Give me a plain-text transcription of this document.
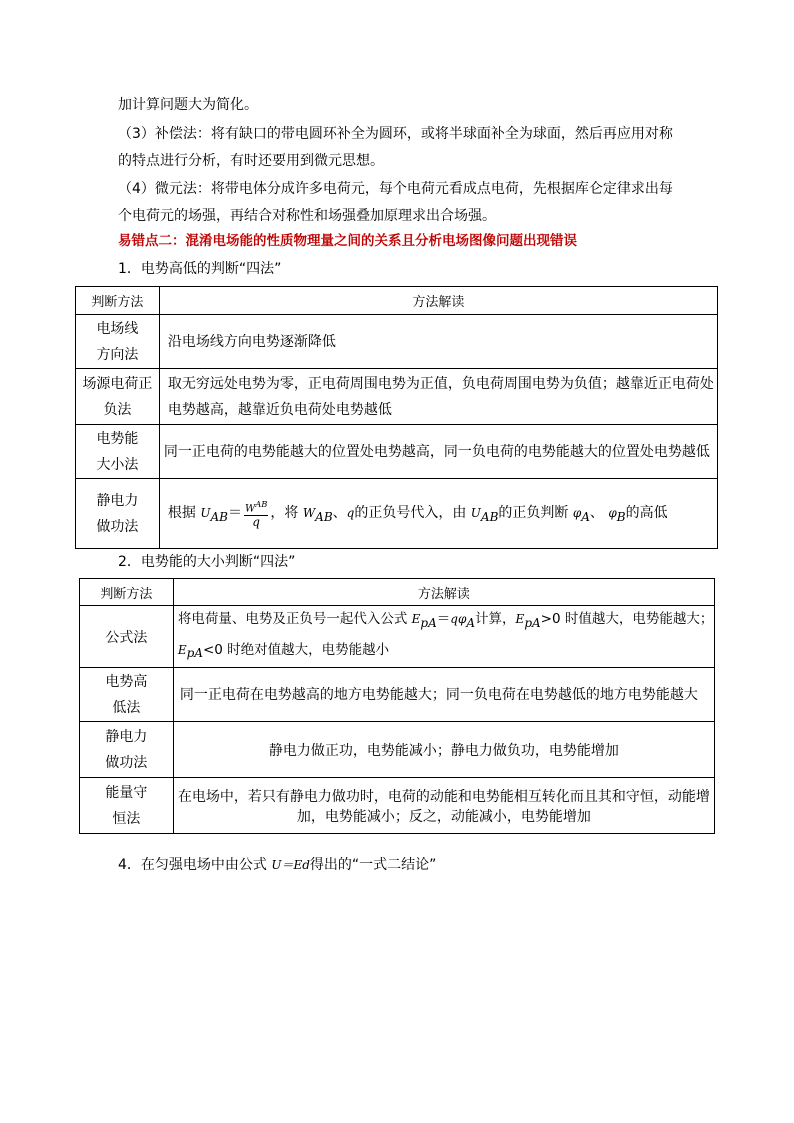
加计算问题大为简化。
（3）补偿法：将有缺口的带电圆环补全为圆环，或将半球面补全为球面，然后再应用对称
的特点进行分析，有时还要用到微元思想。
（4）微元法：将带电体分成许多电荷元，每个电荷元看成点电荷，先根据库仑定律求出每
个电荷元的场强，再结合对称性和场强叠加原理求出合场强。
易错点二：混淆电场能的性质物理量之间的关系且分析电场图像问题出现错误
1．电势高低的判断“四法”
判断方法	方法解读
电场线
方向法	沿电场线方向电势逐渐降低
场源电荷正
负法	取无穷远处电势为零，正电荷周围电势为正值，负电荷周围电势为负值；越靠近正电荷处
电势越高，越靠近负电荷处电势越低
电势能
大小法	同一正电荷的电势能越大的位置处电势越高，同一负电荷的电势能越大的位置处电势越低
静电力
做功法	根据 $U_{AB}= \frac{W^{AB}}{q}$ ，将 $W_{AB}$、q的正负号代入，由 $U_{AB}$的正负判断 $\varphi_A$、 $\varphi_B$的高低
2．电势能的大小判断“四法”
判断方法	方法解读
公式法	将电荷量、电势及正负号一起代入公式 $E_{pA}=q\varphi_A$计算，$E_{pA}>0$ 时值越大，电势能越大；
$E_{pA}<0$ 时绝对值越大，电势能越小
电势高
低法	同一正电荷在电势越高的地方电势能越大；同一负电荷在电势越低的地方电势能越大
静电力
做功法	静电力做正功，电势能减小；静电力做负功，电势能增加
能量守
恒法	在电场中，若只有静电力做功时，电荷的动能和电势能相互转化而且其和守恒，动能增
加，电势能减小；反之，动能减小，电势能增加
4．在匀强电场中由公式 U＝Ed得出的“一式二结论”
